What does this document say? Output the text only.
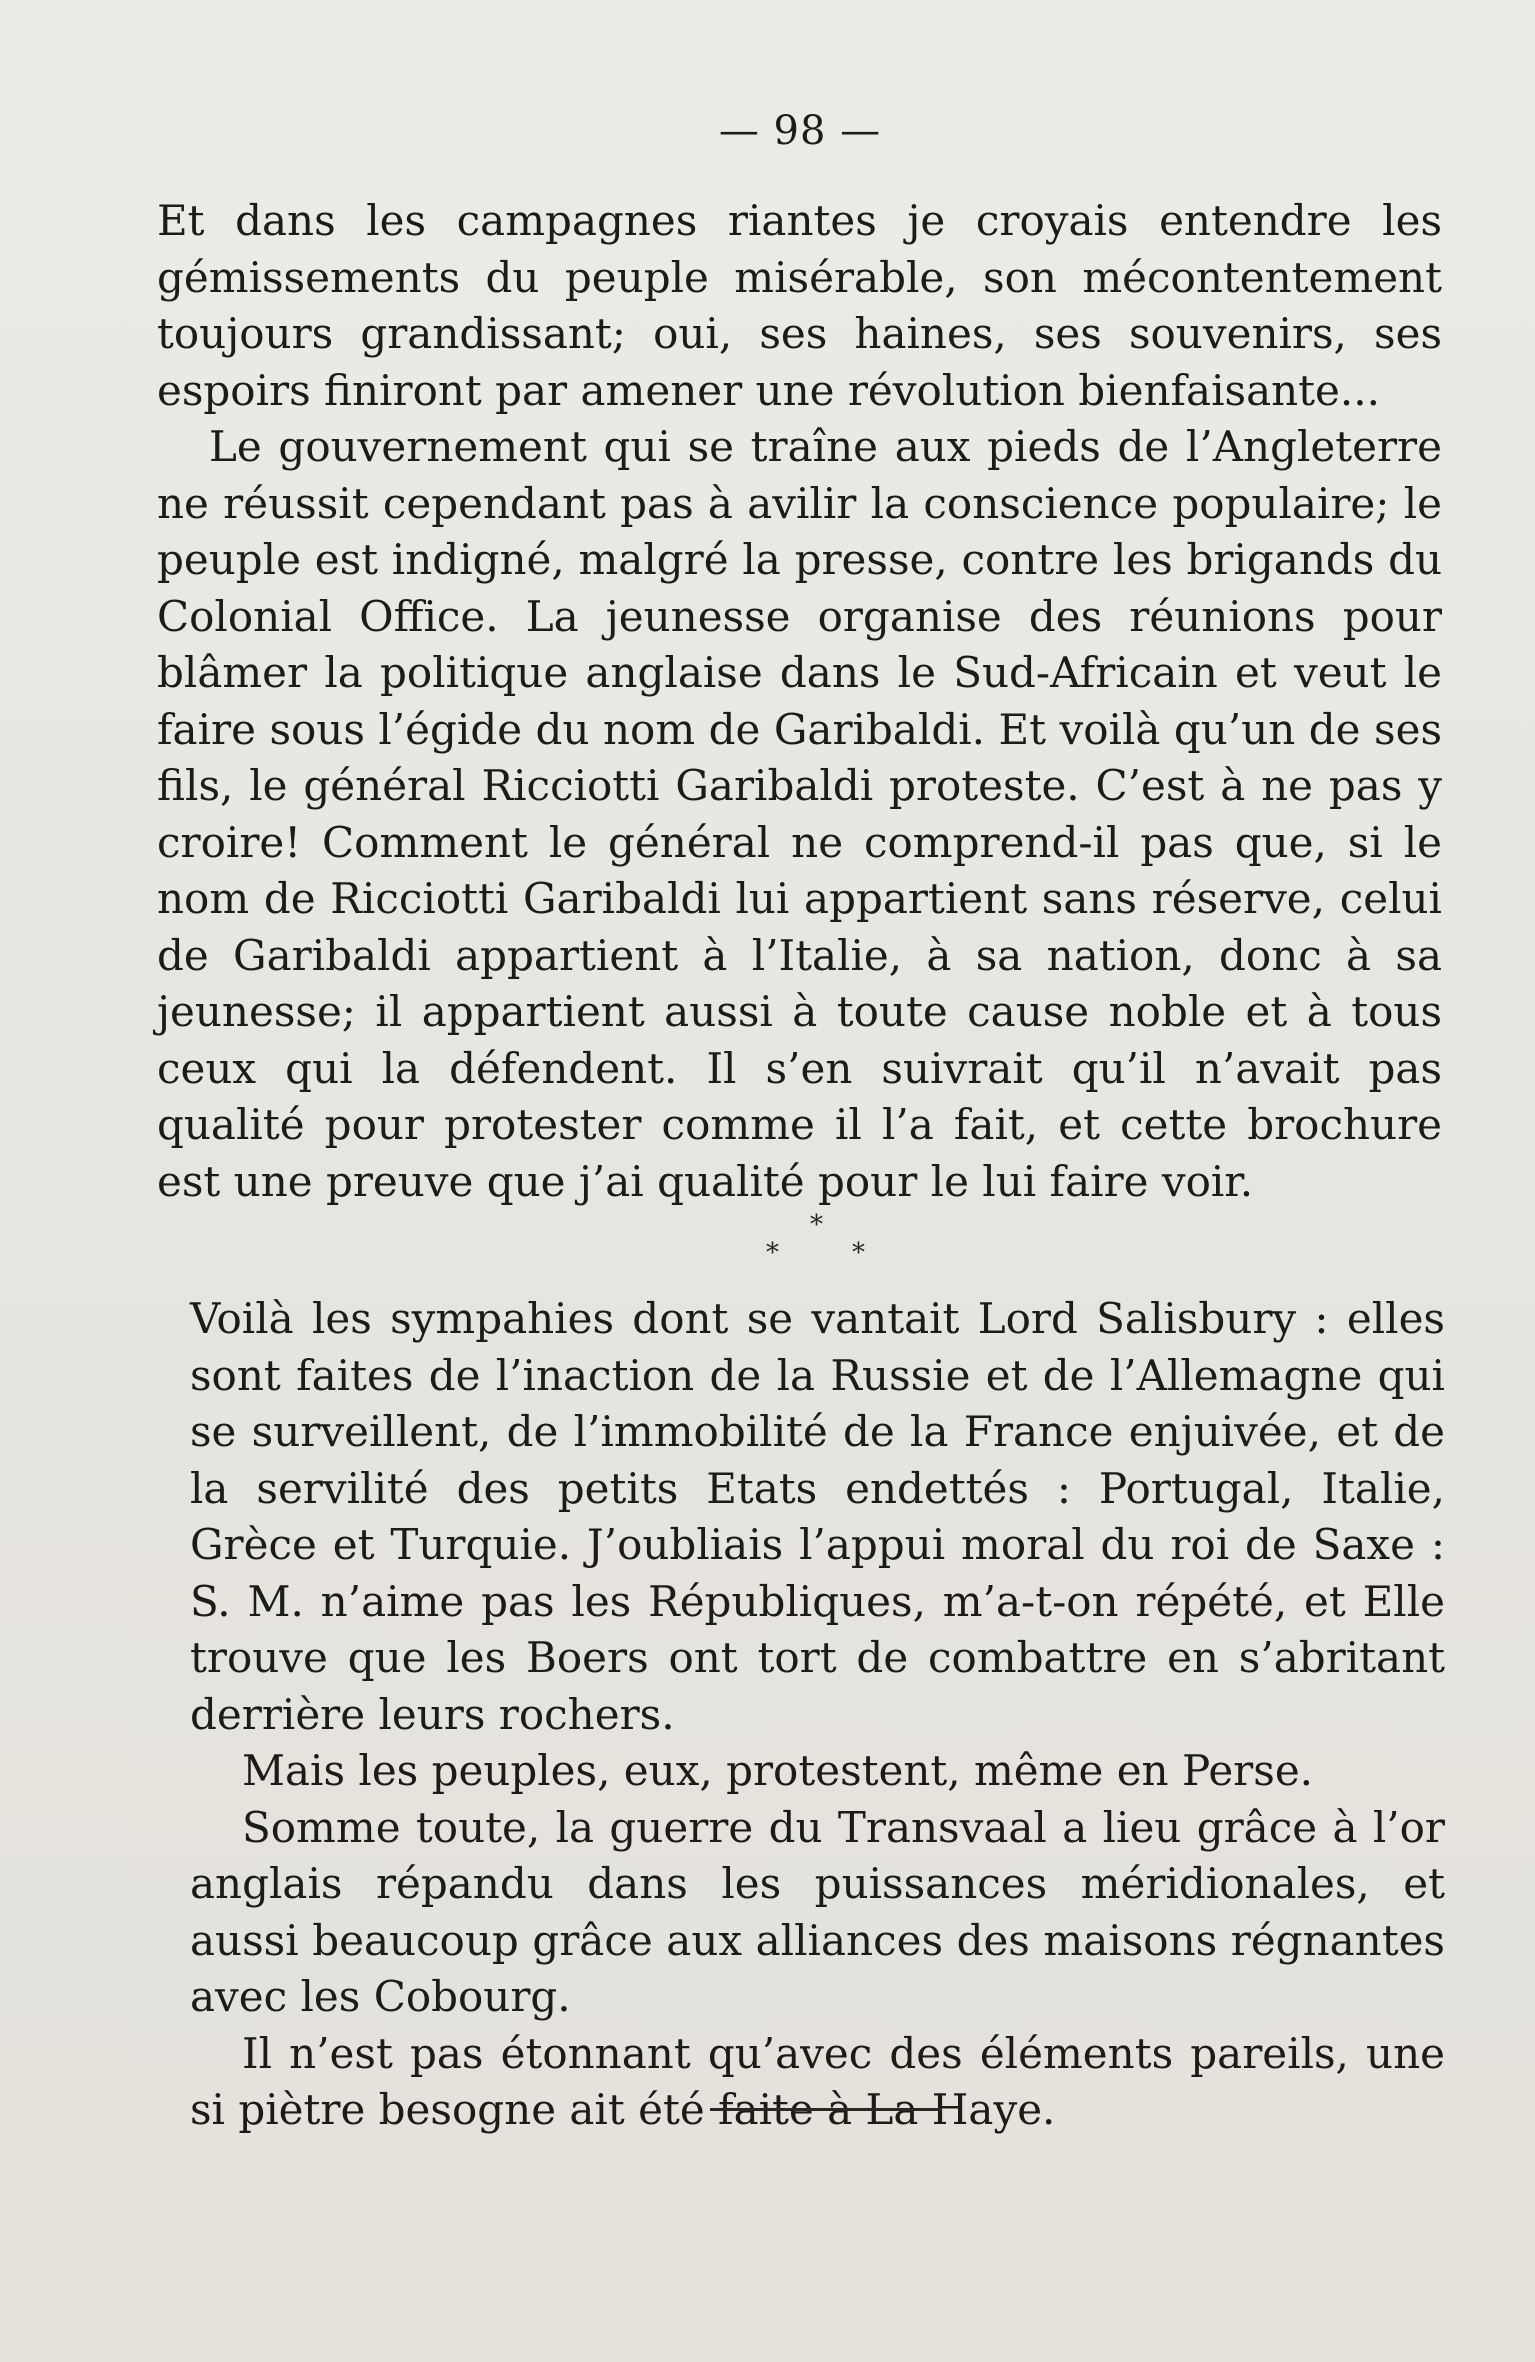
— 98 —

Et dans les campagnes riantes je croyais entendre les gémissements du peuple misérable, son mécontentement toujours grandissant; oui, ses haines, ses souvenirs, ses espoirs finiront par amener une révolution bienfaisante...

Le gouvernement qui se traîne aux pieds de l’Angleterre ne réussit cependant pas à avilir la conscience populaire; le peuple est indigné, malgré la presse, contre les brigands du Colonial Office. La jeunesse organise des réunions pour blâmer la politique anglaise dans le Sud-Africain et veut le faire sous l’égide du nom de Garibaldi. Et voilà qu’un de ses fils, le général Ricciotti Garibaldi proteste. C’est à ne pas y croire! Comment le général ne comprend-il pas que, si le nom de Ricciotti Garibaldi lui appartient sans réserve, celui de Garibaldi appartient à l’Italie, à sa nation, donc à sa jeunesse; il appartient aussi à toute cause noble et à tous ceux qui la défendent. Il s’en suivrait qu’il n’avait pas qualité pour protester comme il l’a fait, et cette brochure est une preuve que j’ai qualité pour le lui faire voir.

*
*	*

Voilà les sympahies dont se vantait Lord Salisbury : elles sont faites de l’inaction de la Russie et de l’Allemagne qui se surveillent, de l’immobilité de la France enjuivée, et de la servilité des petits Etats endettés : Portugal, Italie, Grèce et Turquie. J’oubliais l’appui moral du roi de Saxe : S. M. n’aime pas les Républiques, m’a-t-on répété, et Elle trouve que les Boers ont tort de combattre en s’abritant derrière leurs rochers.

Mais les peuples, eux, protestent, même en Perse.

Somme toute, la guerre du Transvaal a lieu grâce à l’or anglais répandu dans les puissances méridionales, et aussi beaucoup grâce aux alliances des maisons régnantes avec les Cobourg.

Il n’est pas étonnant qu’avec des éléments pareils, une si piètre besogne ait été faite à La Haye.
